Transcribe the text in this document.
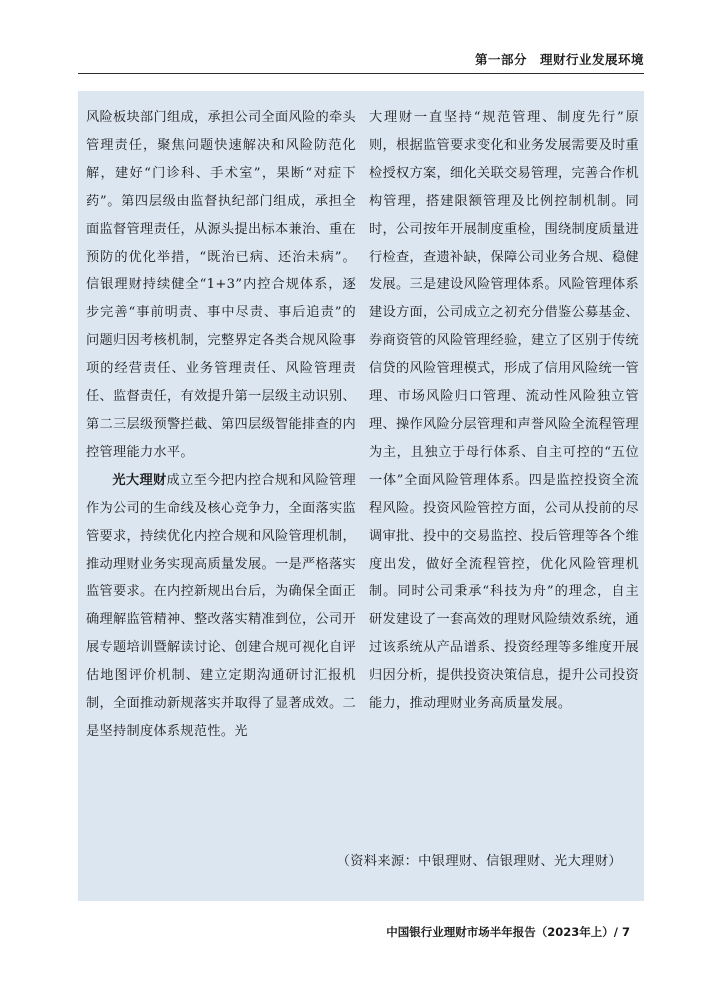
第一部分　理财行业发展环境

风险板块部门组成，承担公司全面风险的牵头管理责任，聚焦问题快速解决和风险防范化解，建好“门诊科、手术室”，果断“对症下药”。第四层级由监督执纪部门组成，承担全面监督管理责任，从源头提出标本兼治、重在预防的优化举措，“既治已病、还治未病”。信银理财持续健全“1+3”内控合规体系，逐步完善“事前明责、事中尽责、事后追责”的问题归因考核机制，完整界定各类合规风险事项的经营责任、业务管理责任、风险管理责任、监督责任，有效提升第一层级主动识别、第二三层级预警拦截、第四层级智能排查的内控管理能力水平。

光大理财成立至今把内控合规和风险管理作为公司的生命线及核心竞争力，全面落实监管要求，持续优化内控合规和风险管理机制，推动理财业务实现高质量发展。一是严格落实监管要求。在内控新规出台后，为确保全面正确理解监管精神、整改落实精准到位，公司开展专题培训暨解读讨论、创建合规可视化自评估地图评价机制、建立定期沟通研讨汇报机制，全面推动新规落实并取得了显著成效。二是坚持制度体系规范性。光

大理财一直坚持“规范管理、制度先行”原则，根据监管要求变化和业务发展需要及时重检授权方案，细化关联交易管理，完善合作机构管理，搭建限额管理及比例控制机制。同时，公司按年开展制度重检，围绕制度质量进行检查，查遗补缺，保障公司业务合规、稳健发展。三是建设风险管理体系。风险管理体系建设方面，公司成立之初充分借鉴公募基金、券商资管的风险管理经验，建立了区别于传统信贷的风险管理模式，形成了信用风险统一管理、市场风险归口管理、流动性风险独立管理、操作风险分层管理和声誉风险全流程管理为主，且独立于母行体系、自主可控的“五位一体”全面风险管理体系。四是监控投资全流程风险。投资风险管控方面，公司从投前的尽调审批、投中的交易监控、投后管理等各个维度出发，做好全流程管控，优化风险管理机制。同时公司秉承“科技为舟”的理念，自主研发建设了一套高效的理财风险绩效系统，通过该系统从产品谱系、投资经理等多维度开展归因分析，提供投资决策信息，提升公司投资能力，推动理财业务高质量发展。

（资料来源：中银理财、信银理财、光大理财）
中国银行业理财市场半年报告（2023年上）/ 7
